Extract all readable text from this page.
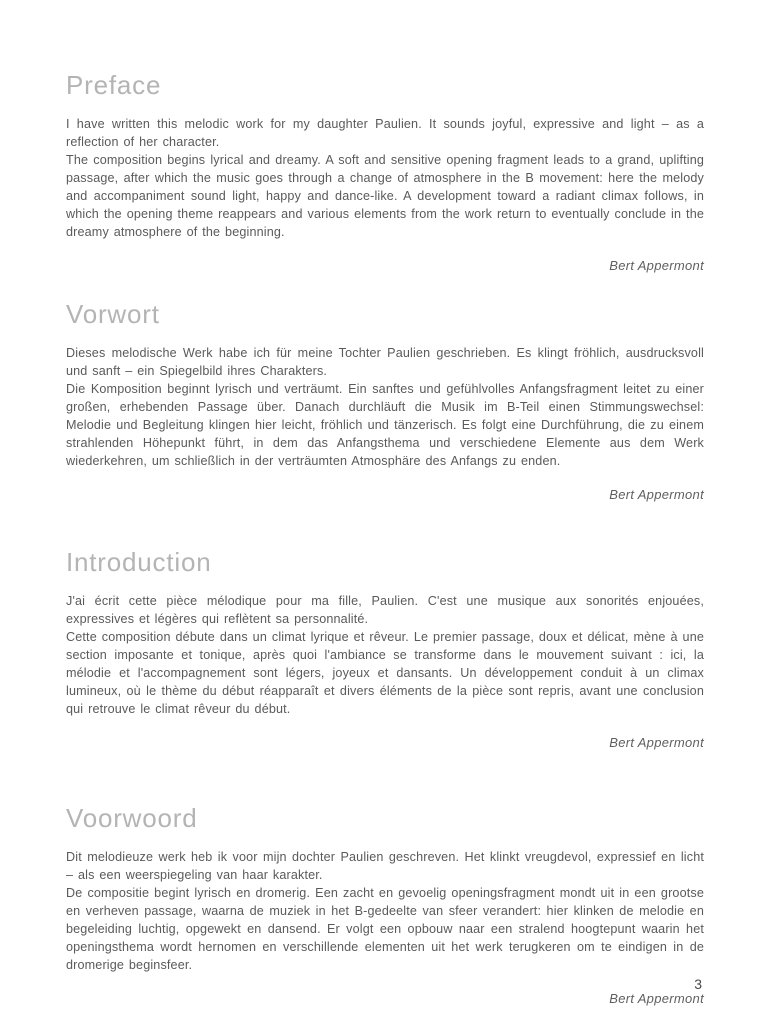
Preface

I have written this melodic work for my daughter Paulien. It sounds joyful, expressive and light – as a reflection of her character.

The composition begins lyrical and dreamy. A soft and sensitive opening fragment leads to a grand, uplifting passage, after which the music goes through a change of atmosphere in the B movement: here the melody and accompaniment sound light, happy and dance-like. A development toward a radiant climax follows, in which the opening theme reappears and various elements from the work return to eventually conclude in the dreamy atmosphere of the beginning.

Bert Appermont

Vorwort

Dieses melodische Werk habe ich für meine Tochter Paulien geschrieben. Es klingt fröhlich, ausdrucksvoll und sanft – ein Spiegelbild ihres Charakters.

Die Komposition beginnt lyrisch und verträumt. Ein sanftes und gefühlvolles Anfangsfragment leitet zu einer großen, erhebenden Passage über. Danach durchläuft die Musik im B-Teil einen Stimmungswechsel: Melodie und Begleitung klingen hier leicht, fröhlich und tänzerisch. Es folgt eine Durchführung, die zu einem strahlenden Höhepunkt führt, in dem das Anfangsthema und verschiedene Elemente aus dem Werk wiederkehren, um schließlich in der verträumten Atmosphäre des Anfangs zu enden.

Bert Appermont

Introduction

J'ai écrit cette pièce mélodique pour ma fille, Paulien. C'est une musique aux sonorités enjouées, expressives et légères qui reflètent sa personnalité.

Cette composition débute dans un climat lyrique et rêveur. Le premier passage, doux et délicat, mène à une section imposante et tonique, après quoi l'ambiance se transforme dans le mouvement suivant : ici, la mélodie et l'accompagnement sont légers, joyeux et dansants. Un développement conduit à un climax lumineux, où le thème du début réapparaît et divers éléments de la pièce sont repris, avant une conclusion qui retrouve le climat rêveur du début.

Bert Appermont

Voorwoord

Dit melodieuze werk heb ik voor mijn dochter Paulien geschreven. Het klinkt vreugdevol, expressief en licht – als een weerspiegeling van haar karakter.

De compositie begint lyrisch en dromerig. Een zacht en gevoelig openingsfragment mondt uit in een grootse en verheven passage, waarna de muziek in het B-gedeelte van sfeer verandert: hier klinken de melodie en begeleiding luchtig, opgewekt en dansend. Er volgt een opbouw naar een stralend hoogtepunt waarin het openingsthema wordt hernomen en verschillende elementen uit het werk terugkeren om te eindigen in de dromerige beginsfeer.

Bert Appermont

3
